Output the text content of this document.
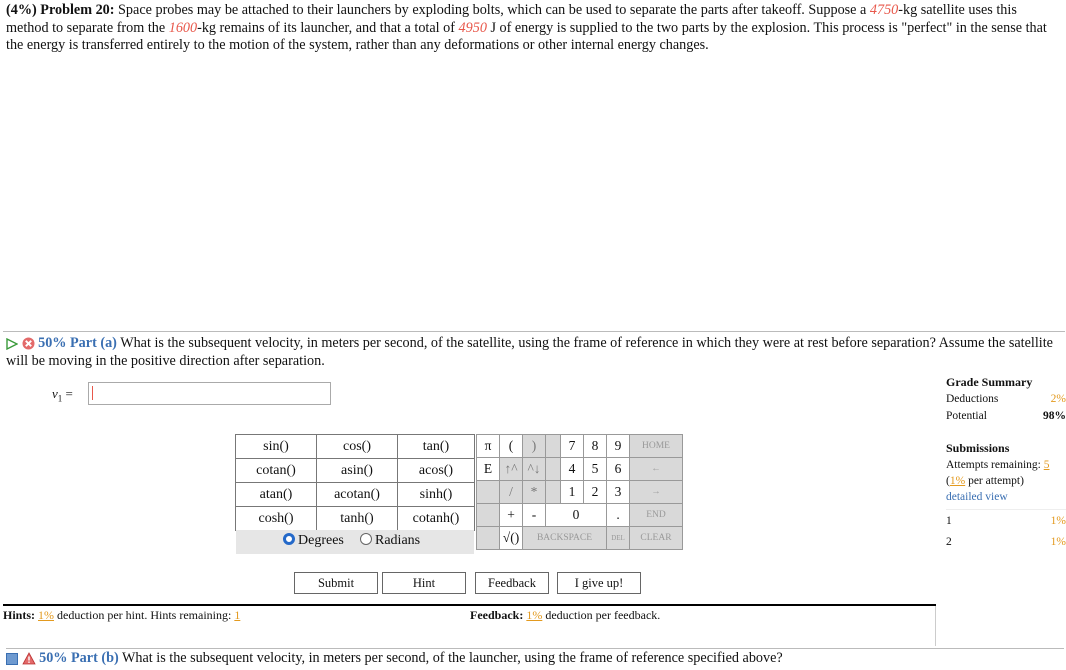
(4%) Problem 20: Space probes may be attached to their launchers by exploding bolts, which can be used to separate the parts after takeoff. Suppose a 4750-kg satellite uses this method to separate from the 1600-kg remains of its launcher, and that a total of 4950 J of energy is supplied to the two parts by the explosion. This process is "perfect" in the sense that the energy is transferred entirely to the motion of the system, rather than any deformations or other internal energy changes.
50% Part (a) What is the subsequent velocity, in meters per second, of the satellite, using the frame of reference in which they were at rest before separation? Assume the satellite will be moving in the positive direction after separation.
$v_1$ =
sin()	cos()	tan()
cotan()	asin()	acos()
atan()	acotan()	sinh()
cosh()	tanh()	cotanh()
Degrees	Radians
π	(	)		7	8	9	HOME
E	↑^	^↓		4	5	6	←
	/	*		1	2	3	→
	+	-	0			.	END
	√()	BACKSPACE				DEL	CLEAR
Submit	Hint	Feedback	I give up!
Grade Summary
Deductions	2%
Potential	98%
Submissions
Attempts remaining: 5
(1% per attempt)
detailed view
1	1%
2	1%
Hints: 1% deduction per hint. Hints remaining: 1	Feedback: 1% deduction per feedback.
50% Part (b) What is the subsequent velocity, in meters per second, of the launcher, using the frame of reference specified above?
